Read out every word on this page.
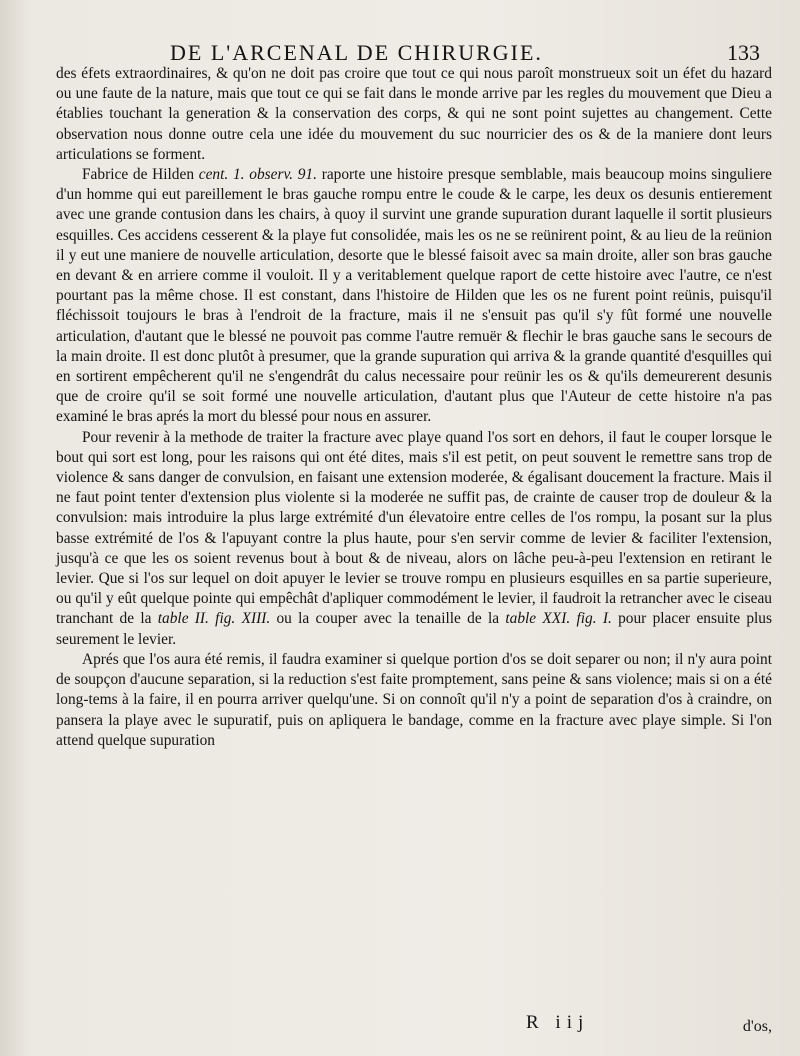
DE L'ARCENAL DE CHIRURGIE.	133

des éfets extraordinaires, & qu'on ne doit pas croire que tout ce qui nous paroît monstrueux soit un éfet du hazard ou une faute de la nature, mais que tout ce qui se fait dans le monde arrive par les regles du mouvement que Dieu a établies touchant la generation & la conservation des corps, & qui ne sont point sujettes au changement. Cette observation nous donne outre cela une idée du mouvement du suc nourricier des os & de la maniere dont leurs articulations se forment.

Fabrice de Hilden cent. 1. observ. 91. raporte une histoire presque semblable, mais beaucoup moins singuliere d'un homme qui eut pareillement le bras gauche rompu entre le coude & le carpe, les deux os desunis entierement avec une grande contusion dans les chairs, à quoy il survint une grande supuration durant laquelle il sortit plusieurs esquilles. Ces accidens cesserent & la playe fut consolidée, mais les os ne se reünirent point, & au lieu de la reünion il y eut une maniere de nouvelle articulation, desorte que le blessé faisoit avec sa main droite, aller son bras gauche en devant & en arriere comme il vouloit. Il y a veritablement quelque raport de cette histoire avec l'autre, ce n'est pourtant pas la même chose. Il est constant, dans l'histoire de Hilden que les os ne furent point reünis, puisqu'il fléchissoit toujours le bras à l'endroit de la fracture, mais il ne s'ensuit pas qu'il s'y fût formé une nouvelle articulation, d'autant que le blessé ne pouvoit pas comme l'autre remuër & flechir le bras gauche sans le secours de la main droite. Il est donc plutôt à presumer, que la grande supuration qui arriva & la grande quantité d'esquilles qui en sortirent empêcherent qu'il ne s'engendrât du calus necessaire pour reünir les os & qu'ils demeurerent desunis que de croire qu'il se soit formé une nouvelle articulation, d'autant plus que l'Auteur de cette histoire n'a pas examiné le bras aprés la mort du blessé pour nous en assurer.

Pour revenir à la methode de traiter la fracture avec playe quand l'os sort en dehors, il faut le couper lorsque le bout qui sort est long, pour les raisons qui ont été dites, mais s'il est petit, on peut souvent le remettre sans trop de violence & sans danger de convulsion, en faisant une extension moderée, & égalisant doucement la fracture. Mais il ne faut point tenter d'extension plus violente si la moderée ne suffit pas, de crainte de causer trop de douleur & la convulsion: mais introduire la plus large extrémité d'un élevatoire entre celles de l'os rompu, la posant sur la plus basse extrémité de l'os & l'apuyant contre la plus haute, pour s'en servir comme de levier & faciliter l'extension, jusqu'à ce que les os soient revenus bout à bout & de niveau, alors on lâche peu-à-peu l'extension en retirant le levier. Que si l'os sur lequel on doit apuyer le levier se trouve rompu en plusieurs esquilles en sa partie superieure, ou qu'il y eût quelque pointe qui empêchât d'apliquer commodément le levier, il faudroit la retrancher avec le ciseau tranchant de la table II. fig. XIII. ou la couper avec la tenaille de la table XXI. fig. I. pour placer ensuite plus seurement le levier.

Aprés que l'os aura été remis, il faudra examiner si quelque portion d'os se doit separer ou non; il n'y aura point de soupçon d'aucune separation, si la reduction s'est faite promptement, sans peine & sans violence; mais si on a été long-tems à la faire, il en pourra arriver quelqu'une. Si on connoît qu'il n'y a point de separation d'os à craindre, on pansera la playe avec le supuratif, puis on apliquera le bandage, comme en la fracture avec playe simple. Si l'on attend quelque supuration

R iij	d'os,
